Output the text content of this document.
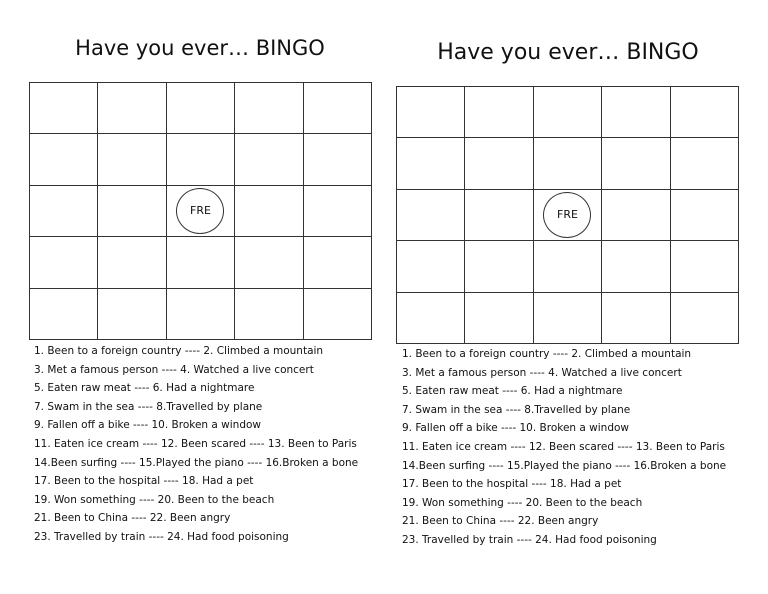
Have you ever… BINGO
FRE
1. Been to a foreign country ---- 2. Climbed a mountain
3. Met a famous person ---- 4. Watched a live concert
5. Eaten raw meat ---- 6. Had a nightmare
7. Swam in the sea ---- 8.Travelled by plane
9. Fallen off a bike ---- 10. Broken a window
11. Eaten ice cream ---- 12. Been scared ---- 13. Been to Paris
14.Been surfing ---- 15.Played the piano ---- 16.Broken a bone
17. Been to the hospital ---- 18. Had a pet
19. Won something ---- 20. Been to the beach
21. Been to China ---- 22. Been angry
23. Travelled by train ---- 24. Had food poisoning
Have you ever… BINGO
FRE
1. Been to a foreign country ---- 2. Climbed a mountain
3. Met a famous person ---- 4. Watched a live concert
5. Eaten raw meat ---- 6. Had a nightmare
7. Swam in the sea ---- 8.Travelled by plane
9. Fallen off a bike ---- 10. Broken a window
11. Eaten ice cream ---- 12. Been scared ---- 13. Been to Paris
14.Been surfing ---- 15.Played the piano ---- 16.Broken a bone
17. Been to the hospital ---- 18. Had a pet
19. Won something ---- 20. Been to the beach
21. Been to China ---- 22. Been angry
23. Travelled by train ---- 24. Had food poisoning
